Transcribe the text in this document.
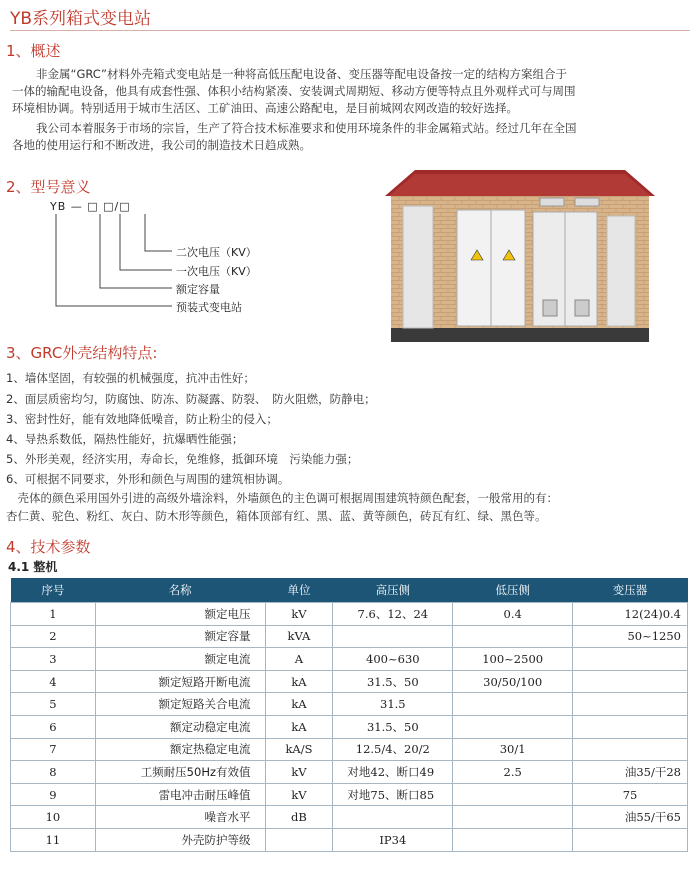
YB系列箱式变电站
1、概述
非金属“GRC”材料外壳箱式变电站是一种将高低压配电设备、变压器等配电设备按一定的结构方案组合于
一体的输配电设备，他具有成套性强、体积小结构紧凑、安装调式周期短、移动方便等特点且外观样式可与周围
环境相协调。特别适用于城市生活区、工矿油田、高速公路配电，是目前城网农网改造的较好选择。
我公司本着服务于市场的宗旨，生产了符合技术标准要求和使用环境条件的非金属箱式站。经过几年在全国
各地的使用运行和不断改进，我公司的制造技术日趋成熟。
2、型号意义
YB — □ □/□
二次电压（KV）
一次电压（KV）
额定容量
预装式变电站
3、GRC外壳结构特点:
1、墙体坚固，有较强的机械强度，抗冲击性好；
2、面层质密均匀，防腐蚀、防冻、防凝露、防裂、　防火阻燃，防静电；
3、密封性好，能有效地降低噪音，防止粉尘的侵入；
4、导热系数低，隔热性能好，抗爆晒性能强；
5、外形美观，经济实用，寿命长，免维修，抵御环境　污染能力强；
6、可根据不同要求，外形和颜色与周围的建筑相协调。
　壳体的颜色采用国外引进的高级外墙涂料，外墙颜色的主色调可根据周围建筑特颜色配套，一般常用的有：
杏仁黄、驼色、粉红、灰白、防木形等颜色，箱体顶部有红、黑、蓝、黄等颜色，砖瓦有红、绿、黑色等。
4、技术参数
4.1 整机
序号	名称	单位	高压侧	低压侧	变压器
1	额定电压	kV	7.6、12、24	0.4	12(24)0.4
2	额定容量	kVA			50~1250
3	额定电流	A	400~630	100~2500	
4	额定短路开断电流	kA	31.5、50	30/50/100	
5	额定短路关合电流	kA	31.5		
6	额定动稳定电流	kA	31.5、50		
7	额定热稳定电流	kA/S	12.5/4、20/2	30/1	
8	工频耐压50Hz有效值	kV	对地42、断口49	2.5	油35/干28
9	雷电冲击耐压峰值	kV	对地75、断口85		75
10	噪音水平	dB			油55/干65
11	外壳防护等级		IP34		
